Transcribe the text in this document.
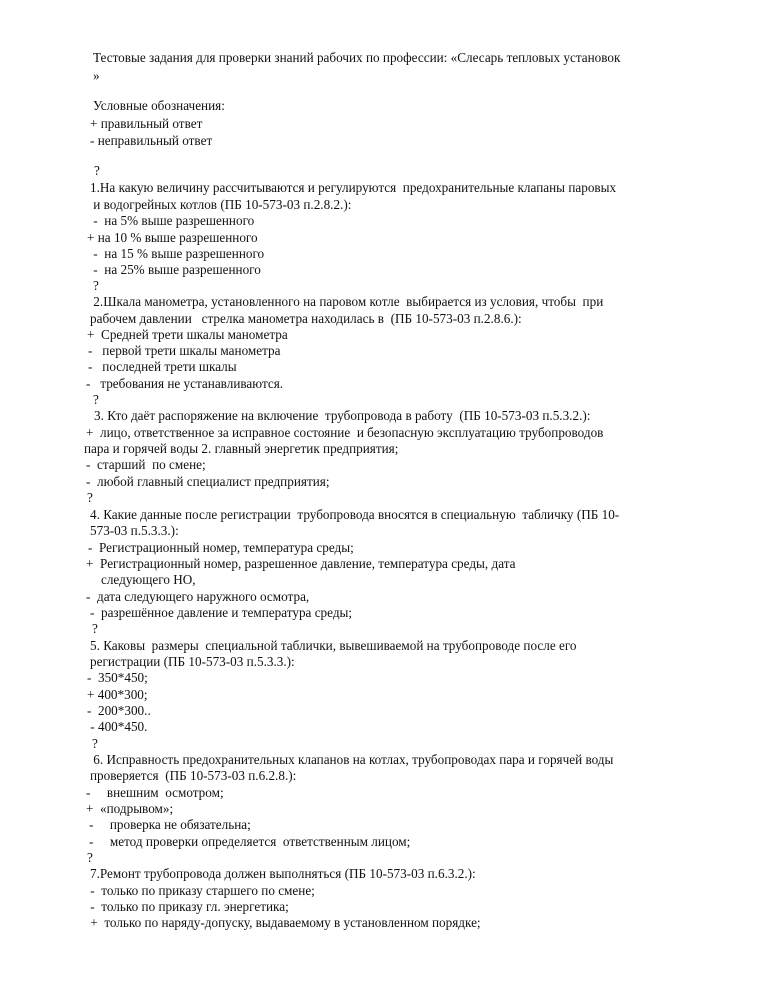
Тестовые задания для проверки знаний рабочих по профессии: «Слесарь тепловых установок
»
Условные обозначения:
+ правильный ответ
- неправильный ответ
?
1.На какую величину рассчитываются и регулируются  предохранительные клапаны паровых
и водогрейных котлов (ПБ 10-573-03 п.2.8.2.):
-  на 5% выше разрешенного
+ на 10 % выше разрешенного
-  на 15 % выше разрешенного
-  на 25% выше разрешенного
?
2.Шкала манометра, установленного на паровом котле  выбирается из условия, чтобы  при
рабочем давлении   стрелка манометра находилась в  (ПБ 10-573-03 п.2.8.6.):
+  Средней трети шкалы манометра
-   первой трети шкалы манометра
-   последней трети шкалы
-   требования не устанавливаются.
?
3. Кто даёт распоряжение на включение  трубопровода в работу  (ПБ 10-573-03 п.5.3.2.):
+  лицо, ответственное за исправное состояние  и безопасную эксплуатацию трубопроводов
пара и горячей воды 2. главный энергетик предприятия;
-  старший  по смене;
-  любой главный специалист предприятия;
?
4. Какие данные после регистрации  трубопровода вносятся в специальную  табличку (ПБ 10-
573-03 п.5.3.3.):
-  Регистрационный номер, температура среды;
+  Регистрационный номер, разрешенное давление, температура среды, дата
следующего НО,
-  дата следующего наружного осмотра,
-  разрешённое давление и температура среды;
?
5. Каковы  размеры  специальной таблички, вывешиваемой на трубопроводе после его
регистрации (ПБ 10-573-03 п.5.3.3.):
-  350*450;
+ 400*300;
-  200*300..
- 400*450.
?
6. Исправность предохранительных клапанов на котлах, трубопроводах пара и горячей воды
проверяется  (ПБ 10-573-03 п.6.2.8.):
-     внешним  осмотром;
+  «подрывом»;
-     проверка не обязательна;
-     метод проверки определяется  ответственным лицом;
?
7.Ремонт трубопровода должен выполняться (ПБ 10-573-03 п.6.3.2.):
-  только по приказу старшего по смене;
-  только по приказу гл. энергетика;
+  только по наряду-допуску, выдаваемому в установленном порядке;
